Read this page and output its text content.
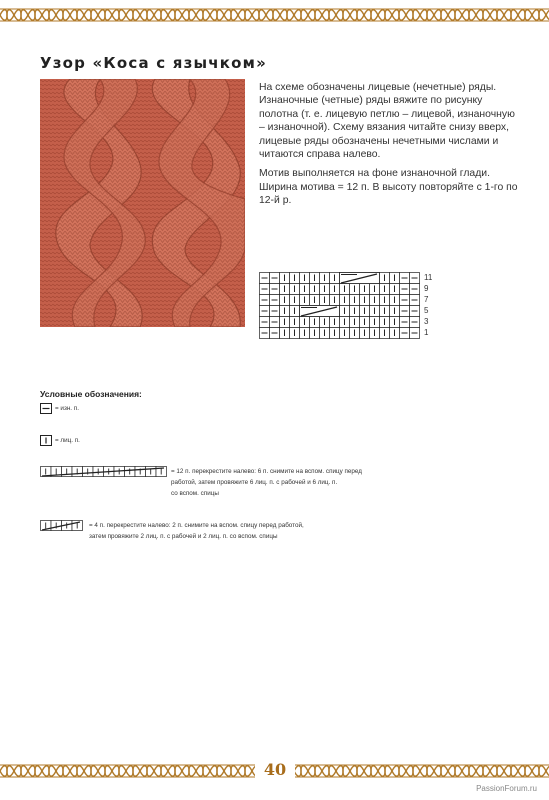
Узор «Коса с язычком»

На схеме обозначены лицевые (нечетные) ряды. Изнаночные (четные) ряды вяжите по рисунку полотна (т. е. лицевую петлю – лицевой, изнаночную – изнаночной). Схему вязания читайте снизу вверх, лицевые ряды обозначены нечетными числами и читаются справа налево.

Мотив выполняется на фоне изнаночной глади. Ширина мотива = 12 п. В высоту повторяйте с 1-го по 12-й р.

11
9
7
5
3
1
Условные обозначения:
= изн. п.
= лиц. п.
= 12 п. перекрестите налево: 6 п. снимите на вспом. спицу перед
работой, затем провяжите 6 лиц. п. с рабочей и 6 лиц. п.
со вспом. спицы
= 4 п. перекрестите налево: 2 п. снимите на вспом. спицу перед работой,
затем провяжите 2 лиц. п. с рабочей и 2 лиц. п. со вспом. спицы
40
PassionForum.ru
